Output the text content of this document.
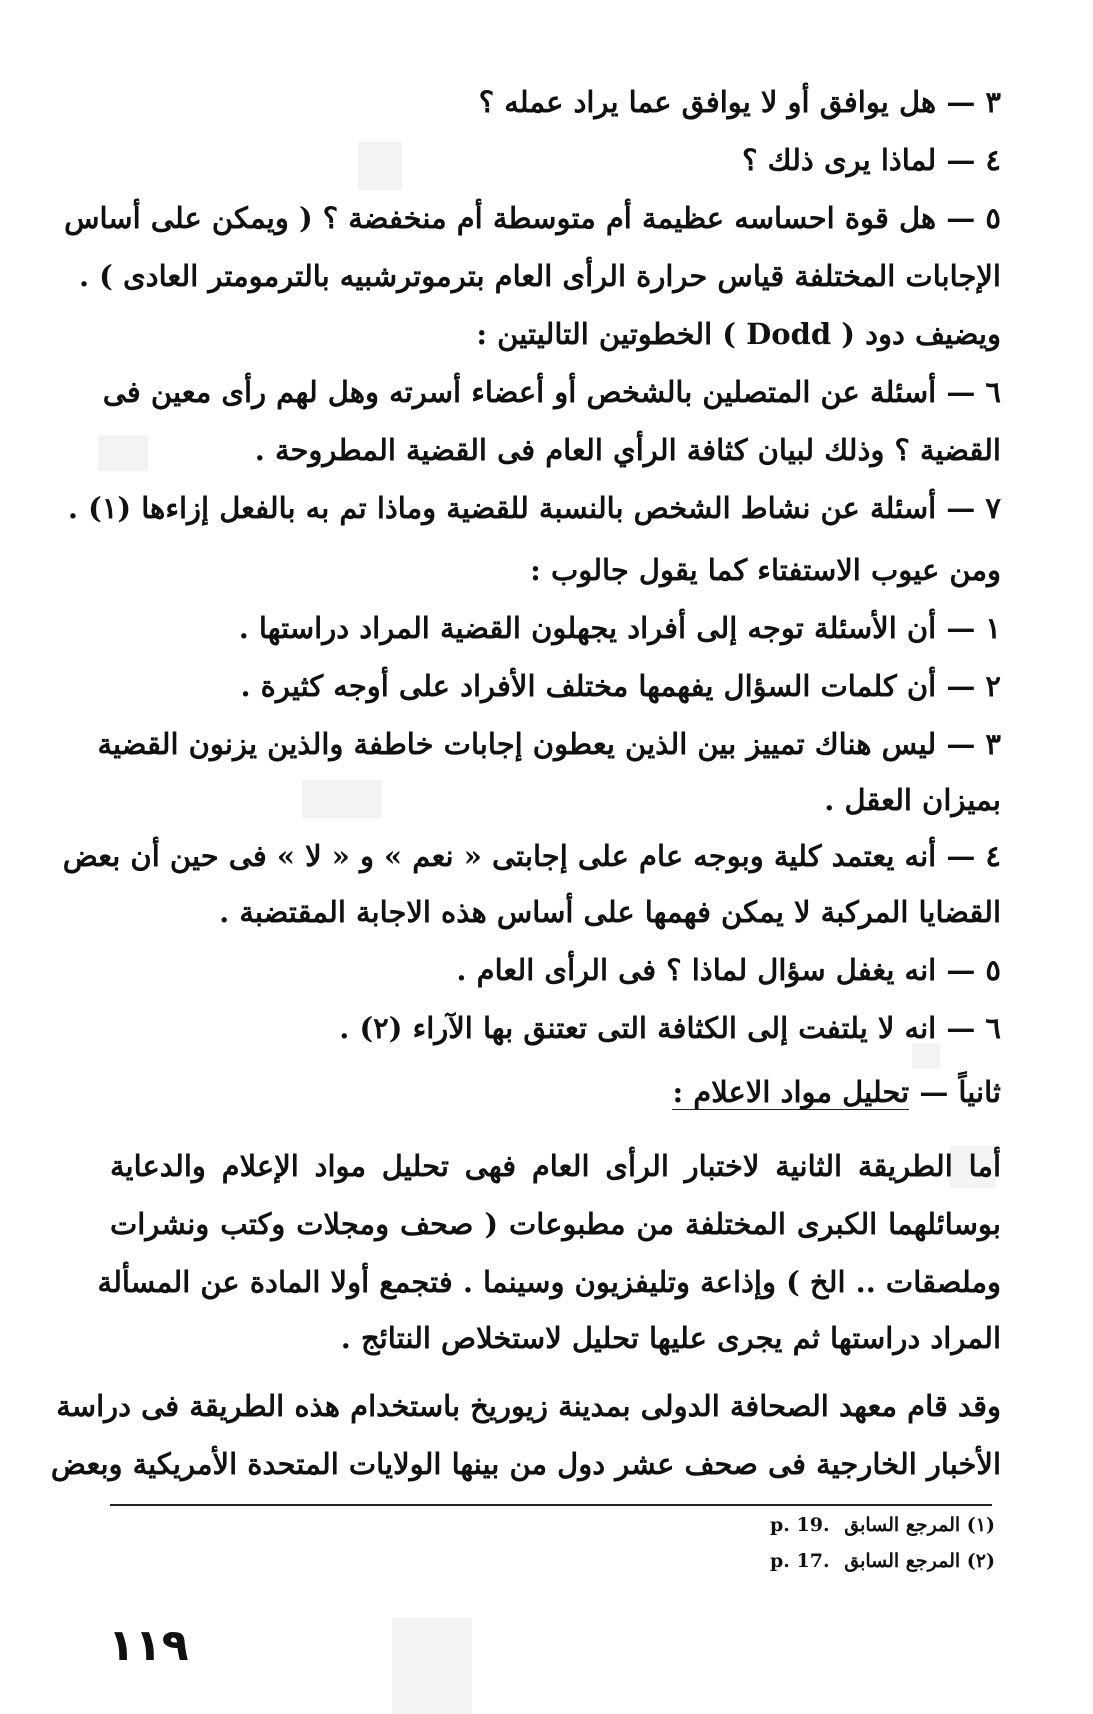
٣ — هل يوافق أو لا يوافق عما يراد عمله ؟
٤ — لماذا يرى ذلك ؟
٥ — هل قوة احساسه عظيمة أم متوسطة أم منخفضة ؟ ( ويمكن على أساس
الإجابات المختلفة قياس حرارة الرأى العام بترموترشبيه بالترمومتر العادى ) .
ويضيف دود ( Dodd ) الخطوتين التاليتين :
٦ — أسئلة عن المتصلين بالشخص أو أعضاء أسرته وهل لهم رأى معين فى
القضية ؟ وذلك لبيان كثافة الرأي العام فى القضية المطروحة .
٧ — أسئلة عن نشاط الشخص بالنسبة للقضية وماذا تم به بالفعل إزاءها (١) .
ومن عيوب الاستفتاء كما يقول جالوب :
١ — أن الأسئلة توجه إلى أفراد يجهلون القضية المراد دراستها .
٢ — أن كلمات السؤال يفهمها مختلف الأفراد على أوجه كثيرة .
٣ — ليس هناك تمييز بين الذين يعطون إجابات خاطفة والذين يزنون القضية
بميزان العقل .
٤ — أنه يعتمد كلية وبوجه عام على إجابتى « نعم » و « لا » فى حين أن بعض
القضايا المركبة لا يمكن فهمها على أساس هذه الاجابة المقتضبة .
٥ — انه يغفل سؤال لماذا ؟ فى الرأى العام .
٦ — انه لا يلتفت إلى الكثافة التى تعتنق بها الآراء (٢) .
ثانياً — تحليل مواد الاعلام :
أما الطريقة الثانية لاختبار الرأى العام فهى تحليل مواد الإعلام والدعاية
بوسائلهما الكبرى المختلفة من مطبوعات ( صحف ومجلات وكتب ونشرات
وملصقات .. الخ ) وإذاعة وتليفزيون وسينما . فتجمع أولا المادة عن المسألة
المراد دراستها ثم يجرى عليها تحليل لاستخلاص النتائج .
وقد قام معهد الصحافة الدولى بمدينة زيوريخ باستخدام هذه الطريقة فى دراسة
الأخبار الخارجية فى صحف عشر دول من بينها الولايات المتحدة الأمريكية وبعض
(١) المرجع السابق p. 19.
(٢) المرجع السابق p. 17.
١١٩
